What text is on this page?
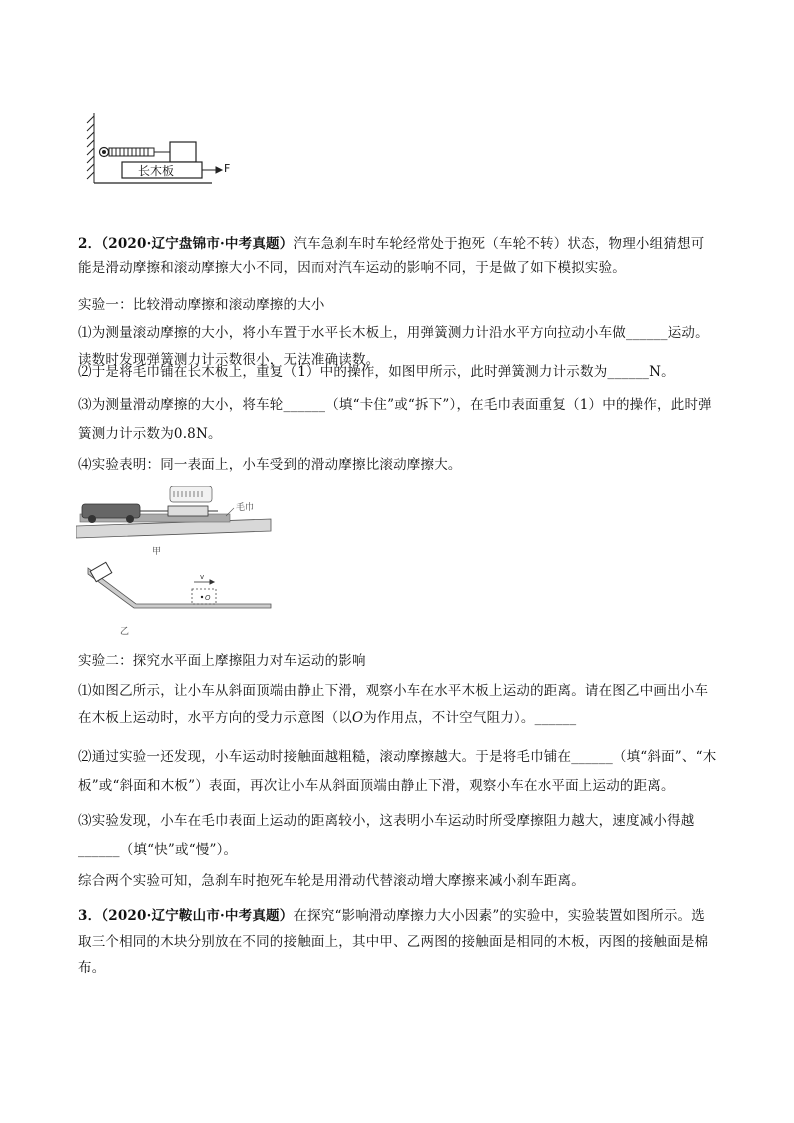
长木板	F

2．（2020·辽宁盘锦市·中考真题）汽车急刹车时车轮经常处于抱死（车轮不转）状态，物理小组猜想可能是滑动摩擦和滚动摩擦大小不同，因而对汽车运动的影响不同，于是做了如下模拟实验。

实验一：比较滑动摩擦和滚动摩擦的大小

⑴为测量滚动摩擦的大小，将小车置于水平长木板上，用弹簧测力计沿水平方向拉动小车做______运动。读数时发现弹簧测力计示数很小，无法准确读数。

⑵于是将毛巾铺在长木板上，重复（1）中的操作，如图甲所示，此时弹簧测力计示数为______N。

⑶为测量滑动摩擦的大小，将车轮______（填“卡住”或“拆下”），在毛巾表面重复（1）中的操作，此时弹簧测力计示数为0.8N。

⑷实验表明：同一表面上，小车受到的滑动摩擦比滚动摩擦大。

毛巾
甲
v
O
乙

实验二：探究水平面上摩擦阻力对车运动的影响

⑴如图乙所示，让小车从斜面顶端由静止下滑，观察小车在水平木板上运动的距离。请在图乙中画出小车在木板上运动时，水平方向的受力示意图（以O为作用点，不计空气阻力）。______

⑵通过实验一还发现，小车运动时接触面越粗糙，滚动摩擦越大。于是将毛巾铺在______（填“斜面”、“木板”或“斜面和木板”）表面，再次让小车从斜面顶端由静止下滑，观察小车在水平面上运动的距离。

⑶实验发现，小车在毛巾表面上运动的距离较小，这表明小车运动时所受摩擦阻力越大，速度减小得越______（填“快”或“慢”）。

综合两个实验可知，急刹车时抱死车轮是用滑动代替滚动增大摩擦来减小刹车距离。

3．（2020·辽宁鞍山市·中考真题）在探究“影响滑动摩擦力大小因素”的实验中，实验装置如图所示。选取三个相同的木块分别放在不同的接触面上，其中甲、乙两图的接触面是相同的木板，丙图的接触面是棉布。
